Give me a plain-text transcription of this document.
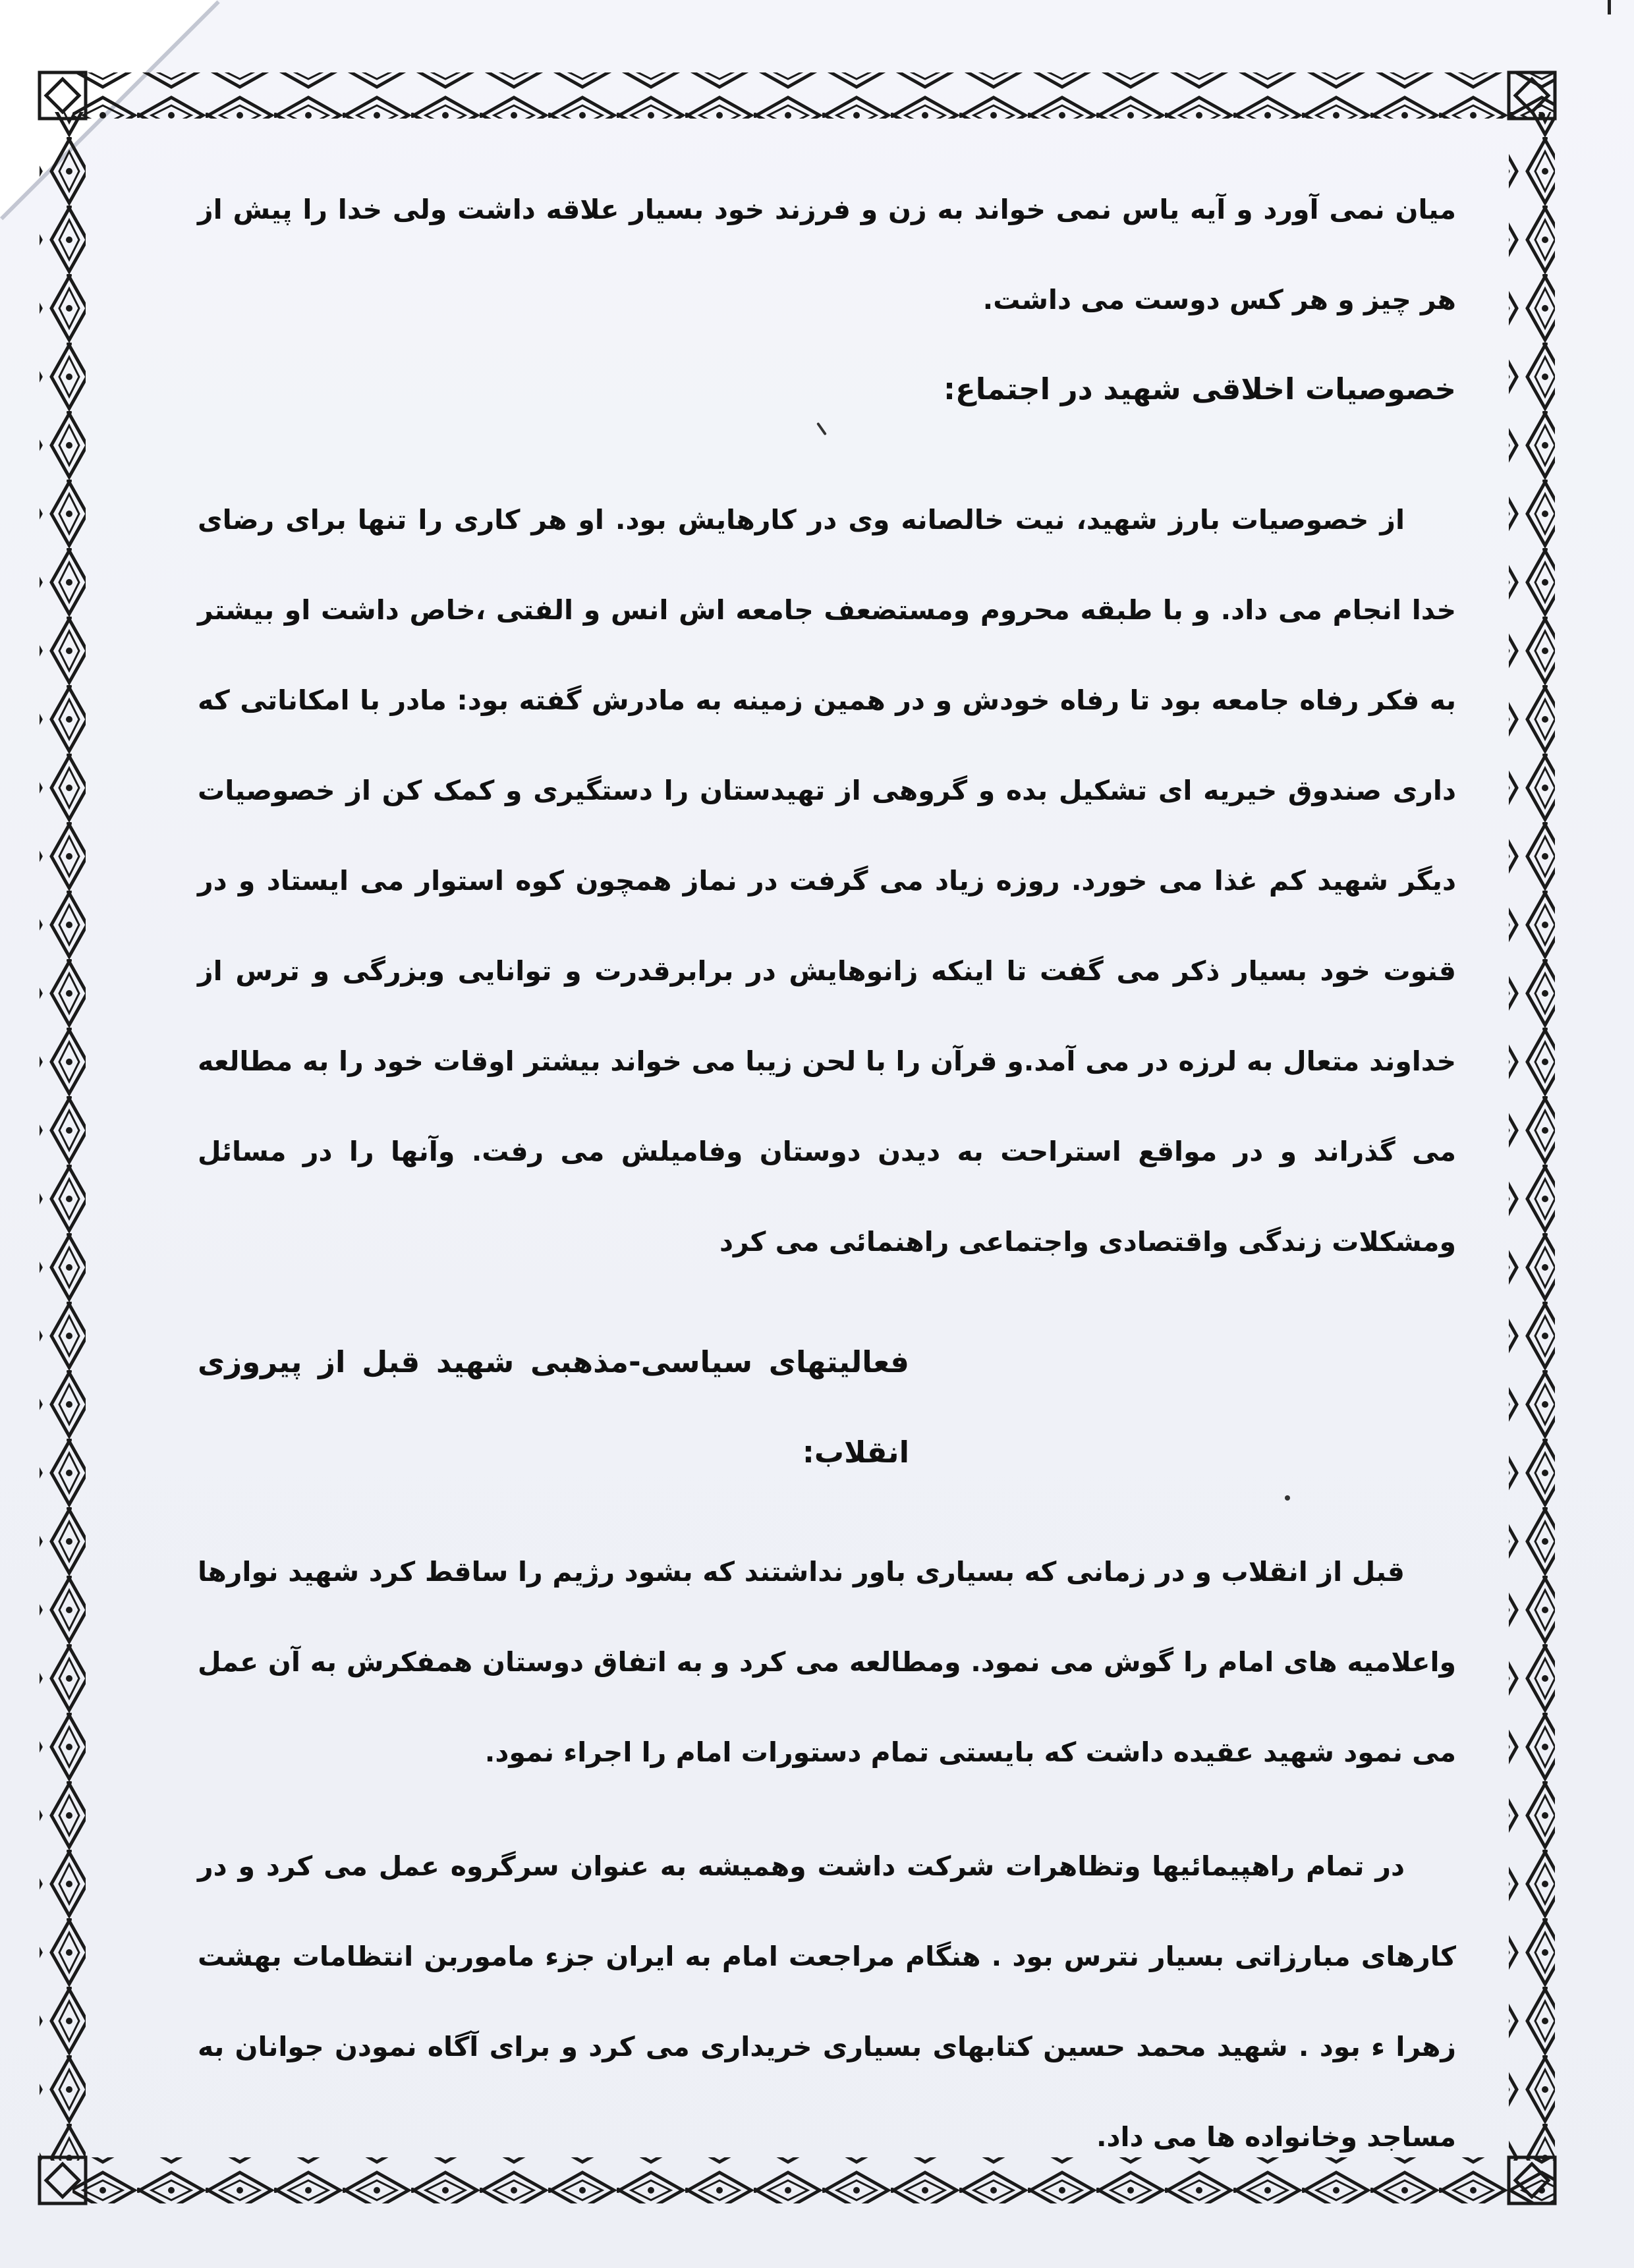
میان نمی آورد و آیه یاس نمی خواند به زن و فرزند خود بسیار علاقه داشت ولی خدا را پیش از هر چیز و هر کس دوست می داشت.

خصوصیات اخلاقی شهید در اجتماع:

از خصوصیات بارز شهید، نیت خالصانه وی در کارهایش بود. او هر کاری را تنها برای رضای خدا انجام می داد. و با طبقه محروم ومستضعف جامعه اش انس و الفتی ،خاص داشت او بیشتر به فکر رفاه جامعه بود تا رفاه خودش و در همین زمینه به مادرش گفته بود: مادر با امکاناتی که داری صندوق خیریه ای تشکیل بده و گروهی از تهیدستان را دستگیری و کمک کن از خصوصیات دیگر شهید کم غذا می خورد. روزه زیاد می گرفت در نماز همچون کوه استوار می ایستاد و در قنوت خود بسیار ذکر می گفت تا اینکه زانوهایش در برابرقدرت و توانایی وبزرگی و ترس از خداوند متعال به لرزه در می آمد.و قرآن را با لحن زیبا می خواند بیشتر اوقات خود را به مطالعه می گذراند و در مواقع استراحت به دیدن دوستان وفامیلش می رفت. وآنها را در مسائل ومشکلات زندگی واقتصادی واجتماعی راهنمائی می کرد

فعالیتهای سیاسی-مذهبی شهید قبل از پیروزی انقلاب:

قبل از انقلاب و در زمانی که بسیاری باور نداشتند که بشود رژیم را ساقط کرد شهید نوارها واعلامیه های امام را گوش می نمود. ومطالعه می کرد و به اتفاق دوستان همفکرش به آن عمل می نمود شهید عقیده داشت که بایستی تمام دستورات امام را اجراء نمود.

در تمام راهپیمائیها وتظاهرات شرکت داشت وهمیشه به عنوان سرگروه عمل می کرد و در کارهای مبارزاتی بسیار نترس بود . هنگام مراجعت امام به ایران جزء ماموربن انتظامات بهشت زهرا ء بود . شهید محمد حسین کتابهای بسیاری خریداری می کرد و برای آگاه نمودن جوانان به مساجد وخانواده ها می داد.
